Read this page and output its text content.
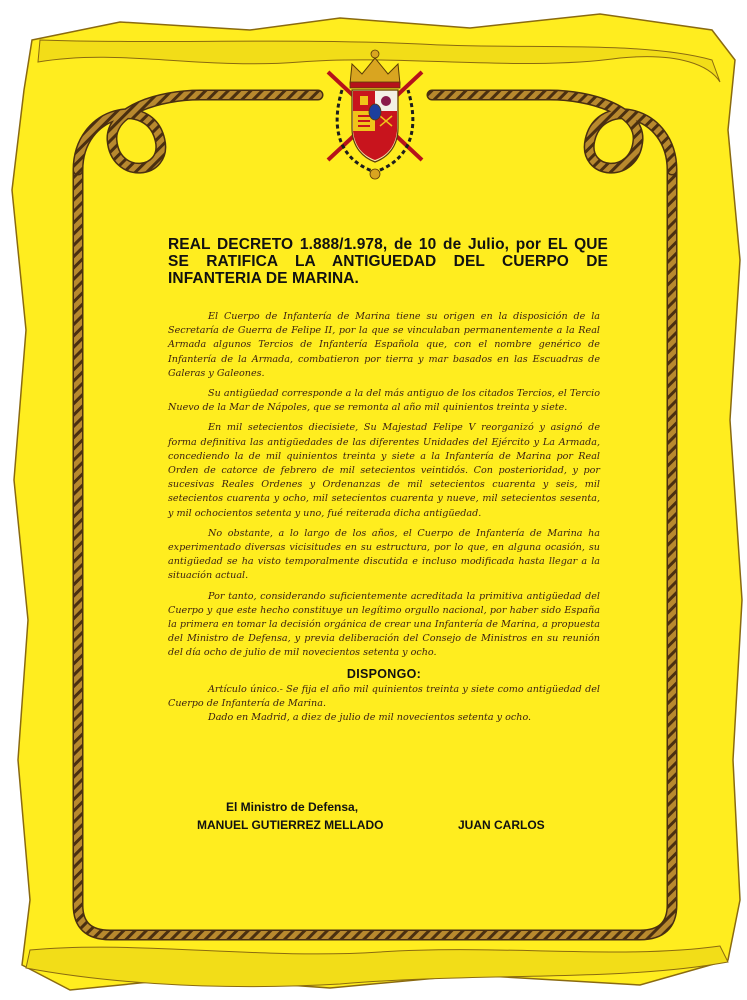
REAL DECRETO 1.888/1.978, de 10 de Julio, por EL QUE SE RATIFICA LA ANTIGUEDAD DEL CUERPO DE INFANTERIA DE MARINA.

El Cuerpo de Infantería de Marina tiene su origen en la disposición de la Secretaría de Guerra de Felipe II, por la que se vinculaban permanentemente a la Real Armada algunos Tercios de Infantería Española que, con el nombre genérico de Infantería de la Armada, combatieron por tierra y mar basados en las Escuadras de Galeras y Galeones.

Su antigüedad corresponde a la del más antiguo de los citados Tercios, el Tercio Nuevo de la Mar de Nápoles, que se remonta al año mil quinientos treinta y siete.

En mil setecientos diecisiete, Su Majestad Felipe V reorganizó y asignó de forma definitiva las antigüedades de las diferentes Unidades del Ejército y La Armada, concediendo la de mil quinientos treinta y siete a la Infantería de Marina por Real Orden de catorce de febrero de mil setecientos veintidós. Con posterioridad, y por sucesivas Reales Ordenes y Ordenanzas de mil setecientos cuarenta y seis, mil setecientos cuarenta y ocho, mil setecientos cuarenta y nueve, mil setecientos sesenta, y mil ochocientos setenta y uno, fué reiterada dicha antigüedad.

No obstante, a lo largo de los años, el Cuerpo de Infantería de Marina ha experimentado diversas vicisitudes en su estructura, por lo que, en alguna ocasión, su antigüedad se ha visto temporalmente discutida e incluso modificada hasta llegar a la situación actual.

Por tanto, considerando suficientemente acreditada la primitiva antigüedad del Cuerpo y que este hecho constituye un legítimo orgullo nacional, por haber sido España la primera en tomar la decisión orgánica de crear una Infantería de Marina, a propuesta del Ministro de Defensa, y previa deliberación del Consejo de Ministros en su reunión del día ocho de julio de mil novecientos setenta y ocho.

DISPONGO:

Artículo único.- Se fija el año mil quinientos treinta y siete como antigüedad del Cuerpo de Infantería de Marina.

Dado en Madrid, a diez de julio de mil novecientos setenta y ocho.

El Ministro de Defensa,
MANUEL GUTIERREZ MELLADO	JUAN CARLOS
